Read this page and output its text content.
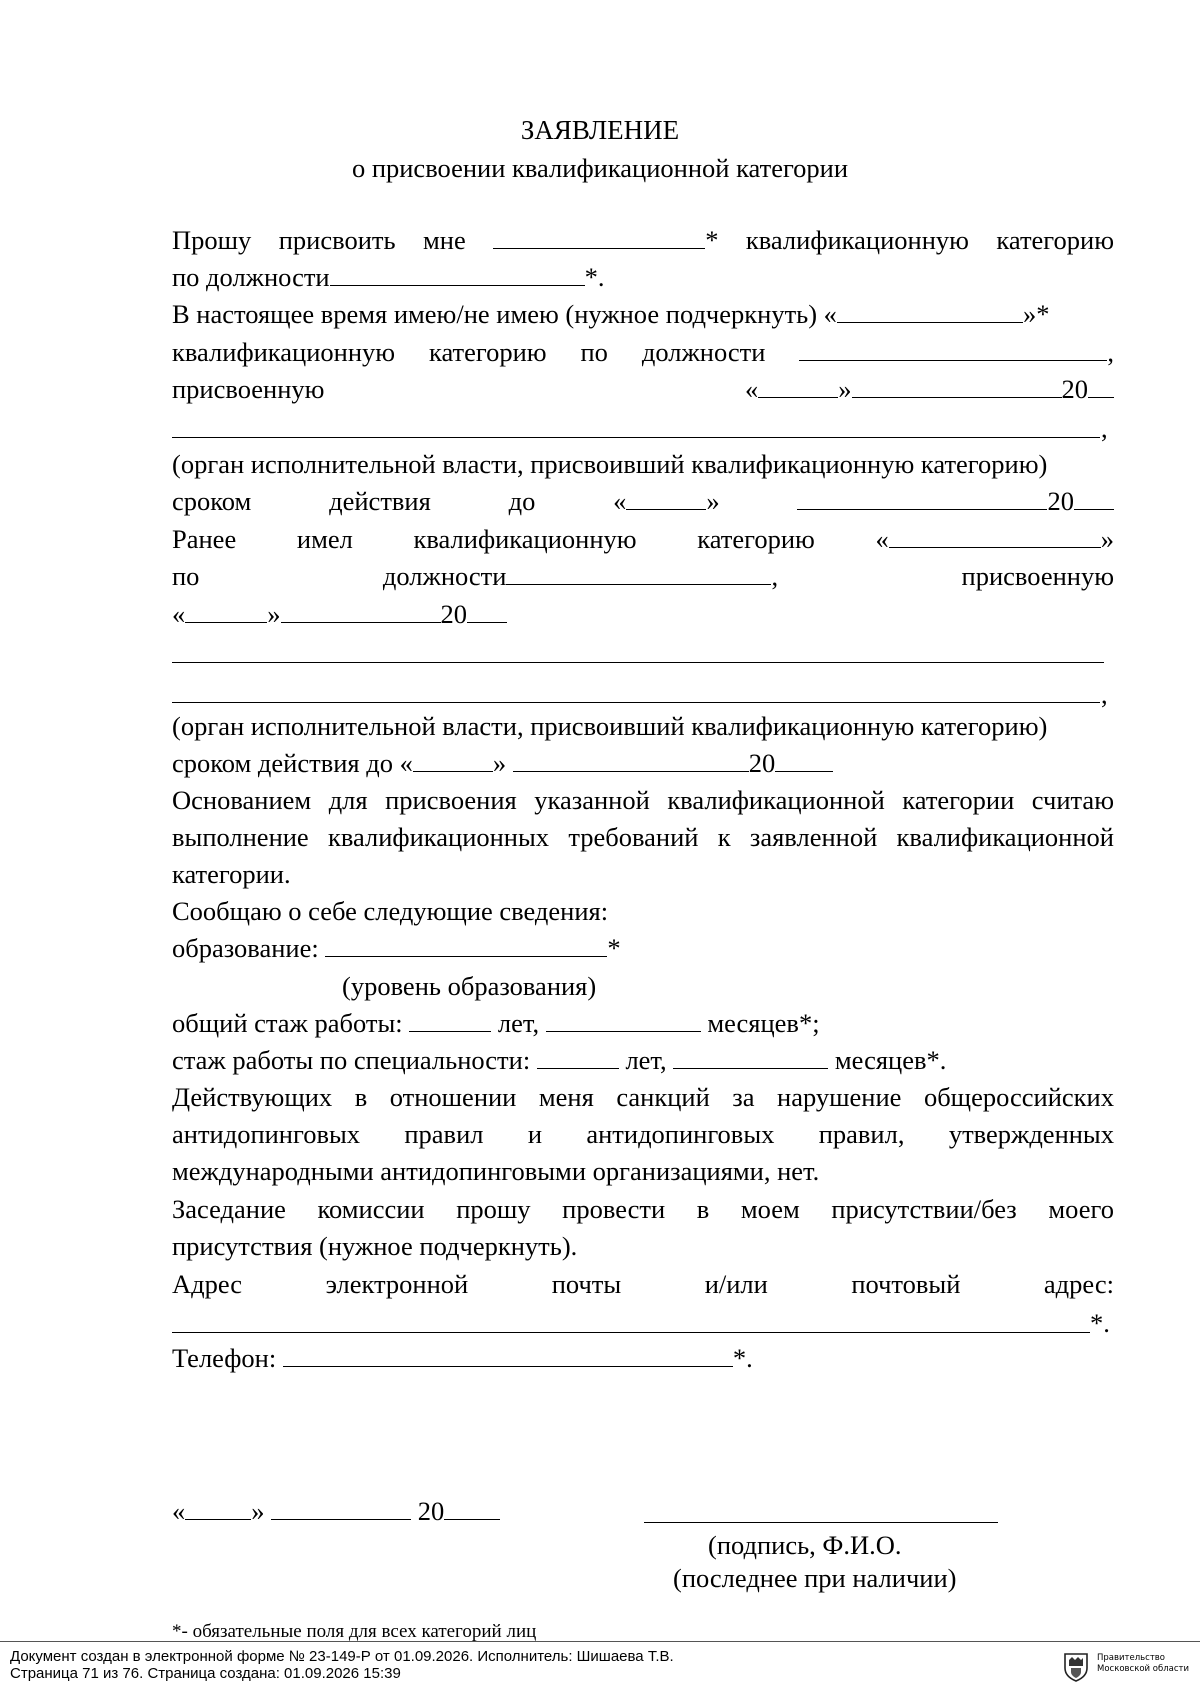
ЗАЯВЛЕНИЕ
о присвоении квалификационной категории
Прошу присвоить мне	* квалификационную категорию
по должности	*.
В настоящее время имею/не имею (нужное подчеркнуть) «	»*
квалификационную категорию по должности	,
присвоенную	«	»	20
,
(орган исполнительной власти, присвоивший квалификационную категорию)
сроком	действия	до	«	»	20
Ранее имел квалификационную категорию «	»
по	должности	,	присвоенную
«	»	20
,
(орган исполнительной власти, присвоивший квалификационную категорию)
сроком действия до «	»
	20
Основанием для присвоения указанной квалификационной категории считаю
выполнение квалификационных требований к заявленной квалификационной
категории.
Сообщаю о себе следующие сведения:
образование:
	*
(уровень образования)
общий стаж работы:

	лет,

	месяцев*;
стаж работы по специальности:

	лет,

	месяцев*.
Действующих в отношении меня санкций за нарушение общероссийских
антидопинговых правил и антидопинговых правил, утвержденных
международными антидопинговыми организациями, нет.
Заседание комиссии прошу провести в моем присутствии/без моего
присутствия (нужное подчеркнуть).
Адрес	электронной	почты	и/или	почтовый	адрес:
*.
Телефон:
	*.
« »

	20
(подпись, Ф.И.О.
(последнее при наличии)
*- обязательные поля для всех категорий лиц
Документ создан в электронной форме № 23-149-Р от 01.09.2026. Исполнитель: Шишаева Т.В.
Страница 71 из 76. Страница создана: 01.09.2026 15:39
Правительство
Московской области
